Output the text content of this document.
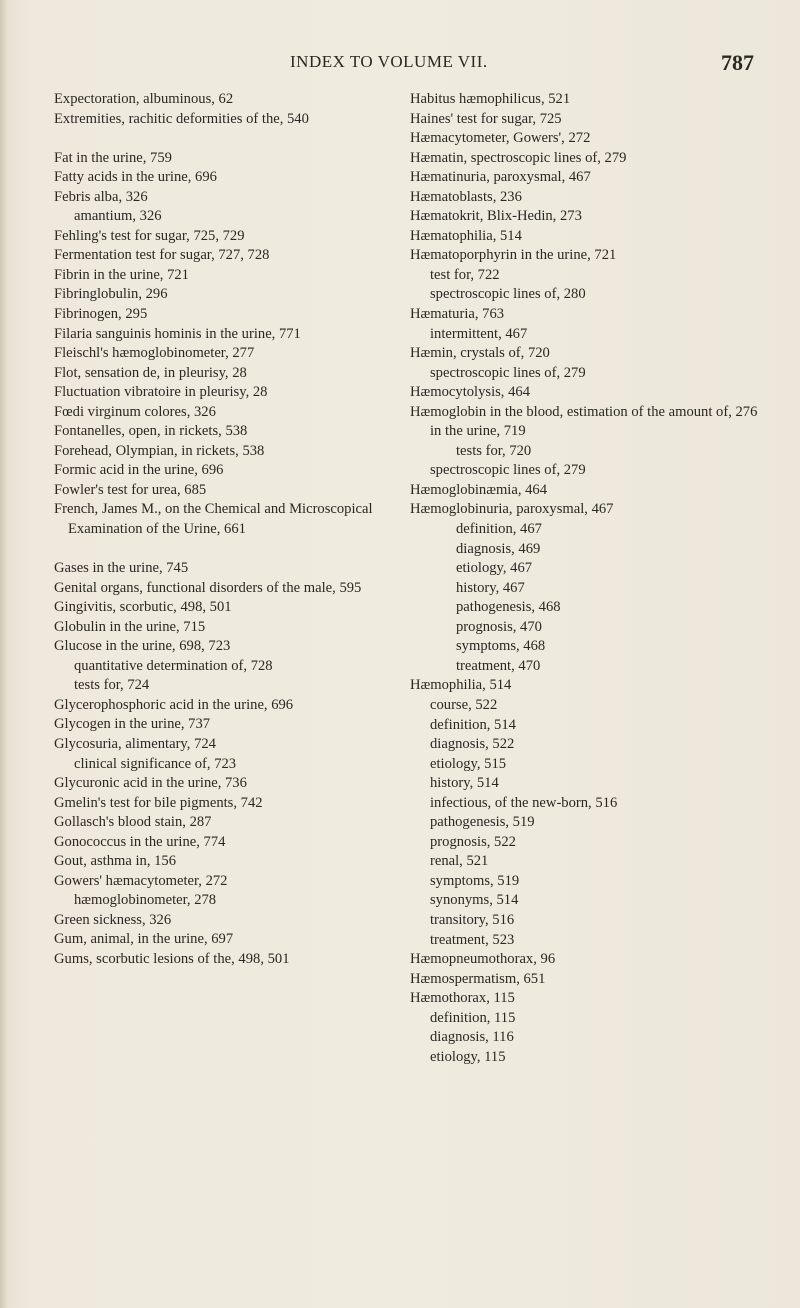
INDEX TO VOLUME VII.	787

Expectoration, albuminous, 62

Extremities, rachitic deformities of the, 540

Fat in the urine, 759

Fatty acids in the urine, 696

Febris alba, 326

amantium, 326

Fehling's test for sugar, 725, 729

Fermentation test for sugar, 727, 728

Fibrin in the urine, 721

Fibringlobulin, 296

Fibrinogen, 295

Filaria sanguinis hominis in the urine, 771

Fleischl's hæmoglobinometer, 277

Flot, sensation de, in pleurisy, 28

Fluctuation vibratoire in pleurisy, 28

Fœdi virginum colores, 326

Fontanelles, open, in rickets, 538

Forehead, Olympian, in rickets, 538

Formic acid in the urine, 696

Fowler's test for urea, 685

French, James M., on the Chemical and Microscopical Examination of the Urine, 661

Gases in the urine, 745

Genital organs, functional disorders of the male, 595

Gingivitis, scorbutic, 498, 501

Globulin in the urine, 715

Glucose in the urine, 698, 723

quantitative determination of, 728

tests for, 724

Glycerophosphoric acid in the urine, 696

Glycogen in the urine, 737

Glycosuria, alimentary, 724

clinical significance of, 723

Glycuronic acid in the urine, 736

Gmelin's test for bile pigments, 742

Gollasch's blood stain, 287

Gonococcus in the urine, 774

Gout, asthma in, 156

Gowers' hæmacytometer, 272

hæmoglobinometer, 278

Green sickness, 326

Gum, animal, in the urine, 697

Gums, scorbutic lesions of the, 498, 501

Habitus hæmophilicus, 521

Haines' test for sugar, 725

Hæmacytometer, Gowers', 272

Hæmatin, spectroscopic lines of, 279

Hæmatinuria, paroxysmal, 467

Hæmatoblasts, 236

Hæmatokrit, Blix-Hedin, 273

Hæmatophilia, 514

Hæmatoporphyrin in the urine, 721

test for, 722

spectroscopic lines of, 280

Hæmaturia, 763

intermittent, 467

Hæmin, crystals of, 720

spectroscopic lines of, 279

Hæmocytolysis, 464

Hæmoglobin in the blood, estimation of the amount of, 276

in the urine, 719

tests for, 720

spectroscopic lines of, 279

Hæmoglobinæmia, 464

Hæmoglobinuria, paroxysmal, 467

definition, 467

diagnosis, 469

etiology, 467

history, 467

pathogenesis, 468

prognosis, 470

symptoms, 468

treatment, 470

Hæmophilia, 514

course, 522

definition, 514

diagnosis, 522

etiology, 515

history, 514

infectious, of the new-born, 516

pathogenesis, 519

prognosis, 522

renal, 521

symptoms, 519

synonyms, 514

transitory, 516

treatment, 523

Hæmopneumothorax, 96

Hæmospermatism, 651

Hæmothorax, 115

definition, 115

diagnosis, 116

etiology, 115
